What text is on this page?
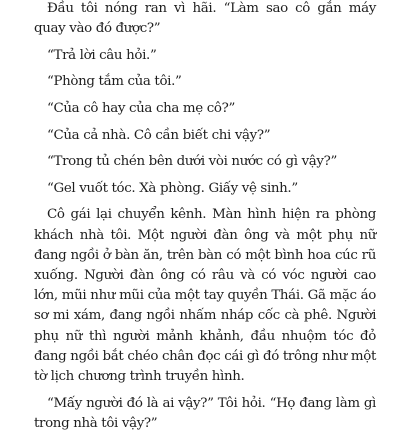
Đầu tôi nóng ran vì hãi. “Làm sao cô gắn máy quay vào đó được?”

“Trả lời câu hỏi.”

“Phòng tắm của tôi.”

“Của cô hay của cha mẹ cô?”

“Của cả nhà. Cô cần biết chi vậy?”

“Trong tủ chén bên dưới vòi nước có gì vậy?”

“Gel vuốt tóc. Xà phòng. Giấy vệ sinh.”

Cô gái lại chuyển kênh. Màn hình hiện ra phòng khách nhà tôi. Một người đàn ông và một phụ nữ đang ngồi ở bàn ăn, trên bàn có một bình hoa cúc rũ xuống. Người đàn ông có râu và có vóc người cao lớn, mũi như mũi của một tay quyền Thái. Gã mặc áo sơ mi xám, đang ngồi nhấm nháp cốc cà phê. Người phụ nữ thì người mảnh khảnh, đầu nhuộm tóc đỏ đang ngồi bắt chéo chân đọc cái gì đó trông như một tờ lịch chương trình truyền hình.

“Mấy người đó là ai vậy?” Tôi hỏi. “Họ đang làm gì trong nhà tôi vậy?”
